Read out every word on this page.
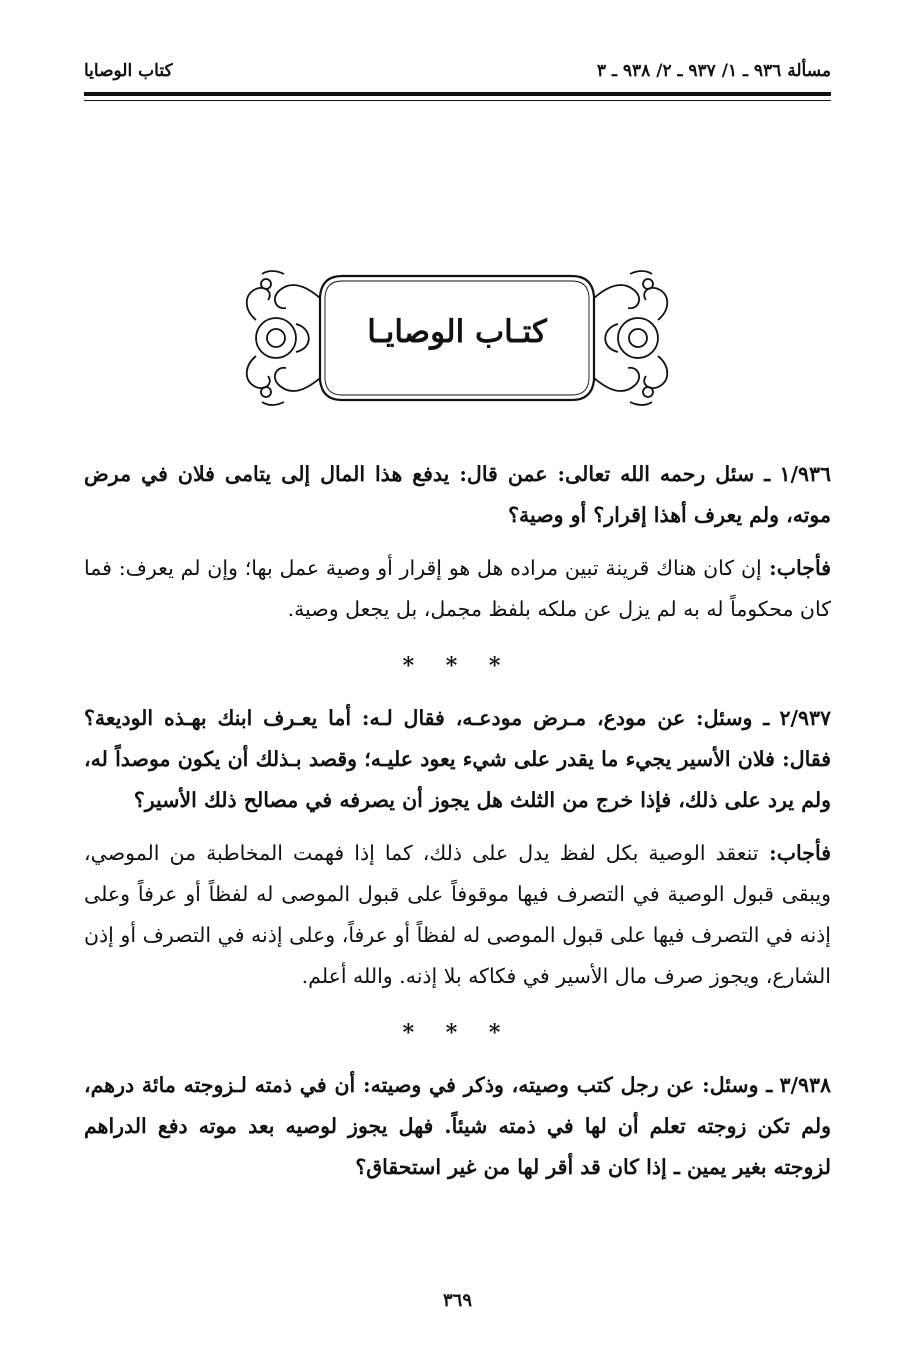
مسألة ٩٣٦ ـ ١/ ٩٣٧ ـ ٢/ ٩٣٨ ـ ٣
كتاب الوصايا
كتـاب الوصايـا

١/٩٣٦ ـ سئل رحمه الله تعالى: عمن قال: يدفع هذا المال إلى يتامى فلان في مرض موته، ولم يعرف أهذا إقرار؟ أو وصية؟

فأجاب: إن كان هناك قرينة تبين مراده هل هو إقرار أو وصية عمل بها؛ وإن لم يعرف: فما كان محكوماً له به لم يزل عن ملكه بلفظ مجمل، بل يجعل وصية.

* * *

٢/٩٣٧ ـ وسئل: عن مودع، مـرض مودعـه، فقال لـه: أما يعـرف ابنك بهـذه الوديعة؟ فقال: فلان الأسير يجيء ما يقدر على شيء يعود عليـه؛ وقصد بـذلك أن يكون موصداً له، ولم يرد على ذلك، فإذا خرج من الثلث هل يجوز أن يصرفه في مصالح ذلك الأسير؟

فأجاب: تنعقد الوصية بكل لفظ يدل على ذلك، كما إذا فهمت المخاطبة من الموصي، ويبقى قبول الوصية في التصرف فيها موقوفاً على قبول الموصى له لفظاً أو عرفاً وعلى إذنه في التصرف فيها على قبول الموصى له لفظاً أو عرفاً، وعلى إذنه في التصرف أو إذن الشارع، ويجوز صرف مال الأسير في فكاكه بلا إذنه. والله أعلم.

* * *

٣/٩٣٨ ـ وسئل: عن رجل كتب وصيته، وذكر في وصيته: أن في ذمته لـزوجته مائة درهم، ولم تكن زوجته تعلم أن لها في ذمته شيئاً. فهل يجوز لوصيه بعد موته دفع الدراهم لزوجته بغير يمين ـ إذا كان قد أقر لها من غير استحقاق؟

٣٦٩
